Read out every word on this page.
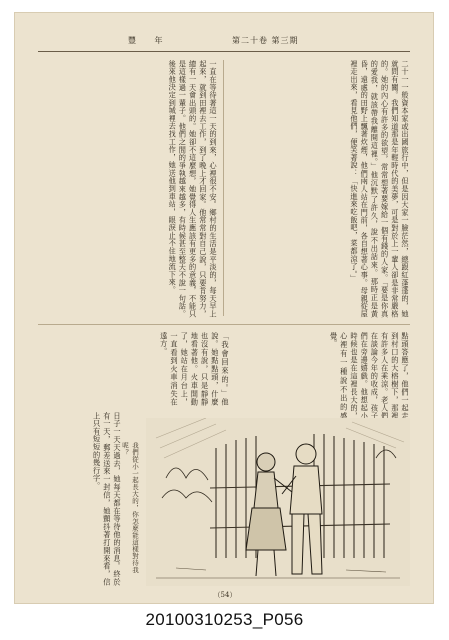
豐 年	第二十卷 第三期
二十一一般資本家或出國旅行中，但是因大家一臉茫然，總跟紅蓬蓬的，她就問有關。我們知道那是年輕時代的美夢，可是對於上一輩人卻是非常嚴格的。她的內心有許多的欲望，常常想著要嫁給一個有錢的人家。「要是你真的愛我，就該帶我離開這裡。」他沉默了許久，說不出話來。那時正是黃昏，遠處的田野上飄著炊煙，他們兩人站在門前，各自想著心事。母親從屋裡走出來，看見他們，便笑著說：「快進來吃飯吧，菜都涼了。」
一直在等待著這一天的到來，心裡很不安。鄉村的生活是平淡的，每天早上起來，就到田裡去工作，到了晚上才回家。他常常對自己說，只要肯努力，總有一天會出頭的。她卻不這麼想，她覺得人生應該有更多的意義，不能只是這樣過一輩子。他們之間的爭執越來越多，有時候甚至整天不說一句話。後來他決定到城裡去找工作，她送他到車站，眼淚止不住地流下來。
點頭答應了，他們一起走到村口的大榕樹下，那裡有許多人在乘涼。老人們在談論今年的收成，孩子們在旁邊嬉戲。他想起小時候也是在這裡長大的，心裡有一種說不出的感覺。
「我會回來的。」他說。她點點頭，什麼也沒有說，只是靜靜地看著他。火車開動了，她站在月台上，一直看到火車消失在遠方。
日子一天天過去，她每天都在等待他的消息。終於有一天，郵差送來一封信，她顫抖著打開來看，信上只有短短的幾行字。	我們從小一起長大的，你怎麼能這樣對待我呢？
（54）
20100310253_P056
